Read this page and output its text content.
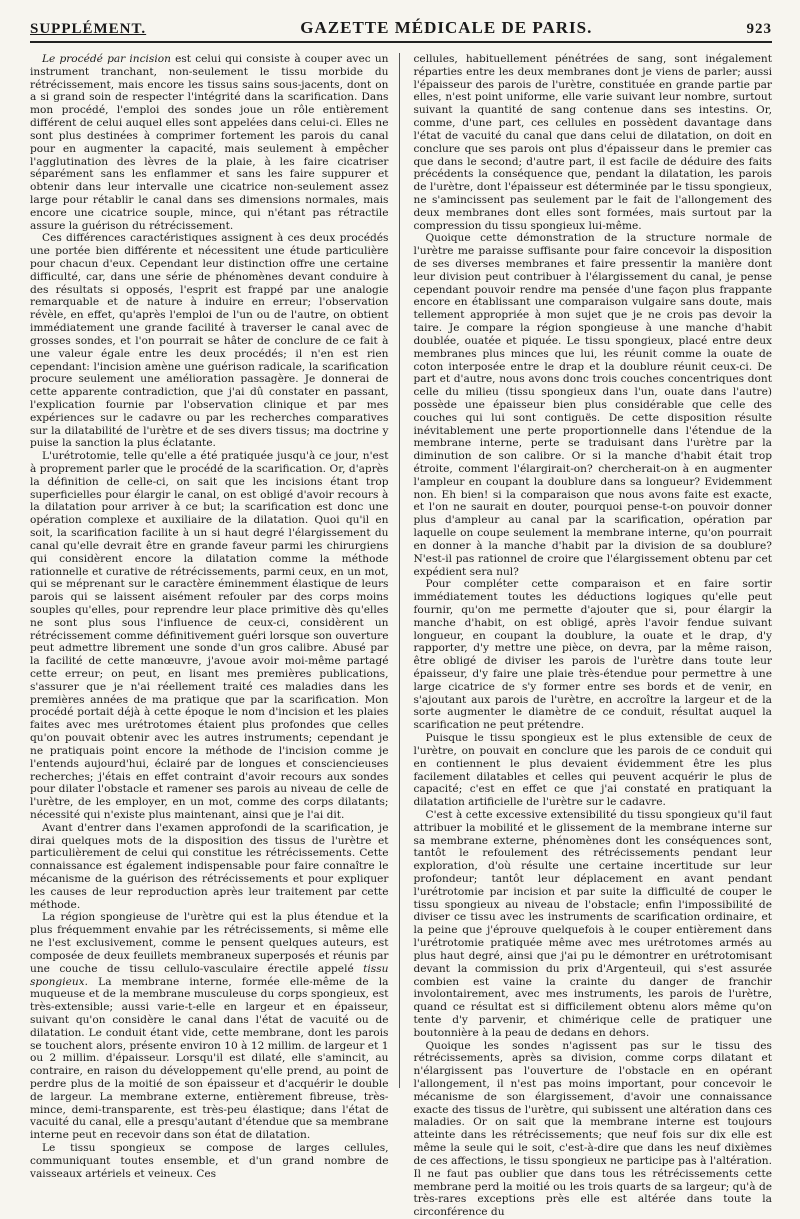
SUPPLÉMENT.	GAZETTE MÉDICALE DE PARIS.	923

Le procédé par incision est celui qui consiste à couper avec un instrument tranchant, non-seulement le tissu morbide du rétrécissement, mais encore les tissus sains sous-jacents, dont on a si grand soin de respecter l'intégrité dans la scarification. Dans mon procédé, l'emploi des sondes joue un rôle entièrement différent de celui auquel elles sont appelées dans celui-ci. Elles ne sont plus destinées à comprimer fortement les parois du canal pour en augmenter la capacité, mais seulement à empêcher l'agglutination des lèvres de la plaie, à les faire cicatriser séparément sans les enflammer et sans les faire suppurer et obtenir dans leur intervalle une cicatrice non-seulement assez large pour rétablir le canal dans ses dimensions normales, mais encore une cicatrice souple, mince, qui n'étant pas rétractile assure la guérison du rétrécissement.

Ces différences caractéristiques assignent à ces deux procédés une portée bien différente et nécessitent une étude particulière pour chacun d'eux. Cependant leur distinction offre une certaine difficulté, car, dans une série de phénomènes devant conduire à des résultats si opposés, l'esprit est frappé par une analogie remarquable et de nature à induire en erreur; l'observation révèle, en effet, qu'après l'emploi de l'un ou de l'autre, on obtient immédiatement une grande facilité à traverser le canal avec de grosses sondes, et l'on pourrait se hâter de conclure de ce fait à une valeur égale entre les deux procédés; il n'en est rien cependant: l'incision amène une guérison radicale, la scarification procure seulement une amélioration passagère. Je donnerai de cette apparente contradiction, que j'ai dû constater en passant, l'explication fournie par l'observation clinique et par mes expériences sur le cadavre ou par les recherches comparatives sur la dilatabilité de l'urètre et de ses divers tissus; ma doctrine y puise la sanction la plus éclatante.

L'urétrotomie, telle qu'elle a été pratiquée jusqu'à ce jour, n'est à proprement parler que le procédé de la scarification. Or, d'après la définition de celle-ci, on sait que les incisions étant trop superficielles pour élargir le canal, on est obligé d'avoir recours à la dilatation pour arriver à ce but; la scarification est donc une opération complexe et auxiliaire de la dilatation. Quoi qu'il en soit, la scarification facilite à un si haut degré l'élargissement du canal qu'elle devrait être en grande faveur parmi les chirurgiens qui considèrent encore la dilatation comme la méthode rationnelle et curative de rétrécissements, parmi ceux, en un mot, qui se méprenant sur le caractère éminemment élastique de leurs parois qui se laissent aisément refouler par des corps moins souples qu'elles, pour reprendre leur place primitive dès qu'elles ne sont plus sous l'influence de ceux-ci, considèrent un rétrécissement comme définitivement guéri lorsque son ouverture peut admettre librement une sonde d'un gros calibre. Abusé par la facilité de cette manœuvre, j'avoue avoir moi-même partagé cette erreur; on peut, en lisant mes premières publications, s'assurer que je n'ai réellement traité ces maladies dans les premières années de ma pratique que par la scarification. Mon procédé portait déjà à cette époque le nom d'incision et les plaies faites avec mes urétrotomes étaient plus profondes que celles qu'on pouvait obtenir avec les autres instruments; cependant je ne pratiquais point encore la méthode de l'incision comme je l'entends aujourd'hui, éclairé par de longues et consciencieuses recherches; j'étais en effet contraint d'avoir recours aux sondes pour dilater l'obstacle et ramener ses parois au niveau de celle de l'urètre, de les employer, en un mot, comme des corps dilatants; nécessité qui n'existe plus maintenant, ainsi que je l'ai dit.

Avant d'entrer dans l'examen approfondi de la scarification, je dirai quelques mots de la disposition des tissus de l'urètre et particulièrement de celui qui constitue les rétrécissements. Cette connaissance est également indispensable pour faire connaître le mécanisme de la guérison des rétrécissements et pour expliquer les causes de leur reproduction après leur traitement par cette méthode.

La région spongieuse de l'urètre qui est la plus étendue et la plus fréquemment envahie par les rétrécissements, si même elle ne l'est exclusivement, comme le pensent quelques auteurs, est composée de deux feuillets membraneux superposés et réunis par une couche de tissu cellulo-vasculaire érectile appelé tissu spongieux. La membrane interne, formée elle-même de la muqueuse et de la membrane musculeuse du corps spongieux, est très-extensible; aussi varie-t-elle en largeur et en épaisseur, suivant qu'on considère le canal dans l'état de vacuité ou de dilatation. Le conduit étant vide, cette membrane, dont les parois se touchent alors, présente environ 10 à 12 millim. de largeur et 1 ou 2 millim. d'épaisseur. Lorsqu'il est dilaté, elle s'amincit, au contraire, en raison du développement qu'elle prend, au point de perdre plus de la moitié de son épaisseur et d'acquérir le double de largeur. La membrane externe, entièrement fibreuse, très-mince, demi-transparente, est très-peu élastique; dans l'état de vacuité du canal, elle a presqu'autant d'étendue que sa membrane interne peut en recevoir dans son état de dilatation.

Le tissu spongieux se compose de larges cellules, communiquant toutes ensemble, et d'un grand nombre de vaisseaux artériels et veineux. Ces

cellules, habituellement pénétrées de sang, sont inégalement réparties entre les deux membranes dont je viens de parler; aussi l'épaisseur des parois de l'urètre, constituée en grande partie par elles, n'est point uniforme, elle varie suivant leur nombre, surtout suivant la quantité de sang contenue dans ses intestins. Or, comme, d'une part, ces cellules en possèdent davantage dans l'état de vacuité du canal que dans celui de dilatation, on doit en conclure que ses parois ont plus d'épaisseur dans le premier cas que dans le second; d'autre part, il est facile de déduire des faits précédents la conséquence que, pendant la dilatation, les parois de l'urètre, dont l'épaisseur est déterminée par le tissu spongieux, ne s'amincissent pas seulement par le fait de l'allongement des deux membranes dont elles sont formées, mais surtout par la compression du tissu spongieux lui-même.

Quoique cette démonstration de la structure normale de l'urètre me paraisse suffisante pour faire concevoir la disposition de ses diverses membranes et faire pressentir la manière dont leur division peut contribuer à l'élargissement du canal, je pense cependant pouvoir rendre ma pensée d'une façon plus frappante encore en établissant une comparaison vulgaire sans doute, mais tellement appropriée à mon sujet que je ne crois pas devoir la taire. Je compare la région spongieuse à une manche d'habit doublée, ouatée et piquée. Le tissu spongieux, placé entre deux membranes plus minces que lui, les réunit comme la ouate de coton interposée entre le drap et la doublure réunit ceux-ci. De part et d'autre, nous avons donc trois couches concentriques dont celle du milieu (tissu spongieux dans l'un, ouate dans l'autre) possède une épaisseur bien plus considérable que celle des couches qui lui sont contiguës. De cette disposition résulte inévitablement une perte proportionnelle dans l'étendue de la membrane interne, perte se traduisant dans l'urètre par la diminution de son calibre. Or si la manche d'habit était trop étroite, comment l'élargirait-on? chercherait-on à en augmenter l'ampleur en coupant la doublure dans sa longueur? Evidemment non. Eh bien! si la comparaison que nous avons faite est exacte, et l'on ne saurait en douter, pourquoi pense-t-on pouvoir donner plus d'ampleur au canal par la scarification, opération par laquelle on coupe seulement la membrane interne, qu'on pourrait en donner à la manche d'habit par la division de sa doublure? N'est-il pas rationnel de croire que l'élargissement obtenu par cet expédient sera nul?

Pour compléter cette comparaison et en faire sortir immédiatement toutes les déductions logiques qu'elle peut fournir, qu'on me permette d'ajouter que si, pour élargir la manche d'habit, on est obligé, après l'avoir fendue suivant longueur, en coupant la doublure, la ouate et le drap, d'y rapporter, d'y mettre une pièce, on devra, par la même raison, être obligé de diviser les parois de l'urètre dans toute leur épaisseur, d'y faire une plaie très-étendue pour permettre à une large cicatrice de s'y former entre ses bords et de venir, en s'ajoutant aux parois de l'urètre, en accroître la largeur et de la sorte augmenter le diamètre de ce conduit, résultat auquel la scarification ne peut prétendre.

Puisque le tissu spongieux est le plus extensible de ceux de l'urètre, on pouvait en conclure que les parois de ce conduit qui en contiennent le plus devaient évidemment être les plus facilement dilatables et celles qui peuvent acquérir le plus de capacité; c'est en effet ce que j'ai constaté en pratiquant la dilatation artificielle de l'urètre sur le cadavre.

C'est à cette excessive extensibilité du tissu spongieux qu'il faut attribuer la mobilité et le glissement de la membrane interne sur sa membrane externe, phénomènes dont les conséquences sont, tantôt le refoulement des rétrécissements pendant leur exploration, d'où résulte une certaine incertitude sur leur profondeur; tantôt leur déplacement en avant pendant l'urétrotomie par incision et par suite la difficulté de couper le tissu spongieux au niveau de l'obstacle; enfin l'impossibilité de diviser ce tissu avec les instruments de scarification ordinaire, et la peine que j'éprouve quelquefois à le couper entièrement dans l'urétrotomie pratiquée même avec mes urétrotomes armés au plus haut degré, ainsi que j'ai pu le démontrer en urétrotomisant devant la commission du prix d'Argenteuil, qui s'est assurée combien est vaine la crainte du danger de franchir involontairement, avec mes instruments, les parois de l'urètre, quand ce résultat est si difficilement obtenu alors même qu'on tente d'y parvenir, et chimérique celle de pratiquer une boutonnière à la peau de dedans en dehors.

Quoique les sondes n'agissent pas sur le tissu des rétrécissements, après sa division, comme corps dilatant et n'élargissent pas l'ouverture de l'obstacle en en opérant l'allongement, il n'est pas moins important, pour concevoir le mécanisme de son élargissement, d'avoir une connaissance exacte des tissus de l'urètre, qui subissent une altération dans ces maladies. Or on sait que la membrane interne est toujours atteinte dans les rétrécissements; que neuf fois sur dix elle est même la seule qui le soit, c'est-à-dire que dans les neuf dixièmes de ces affections, le tissu spongieux ne participe pas à l'altération. Il ne faut pas oublier que dans tous les rétrécissements cette membrane perd la moitié ou les trois quarts de sa largeur; qu'à de très-rares exceptions près elle est altérée dans toute la circonférence du
